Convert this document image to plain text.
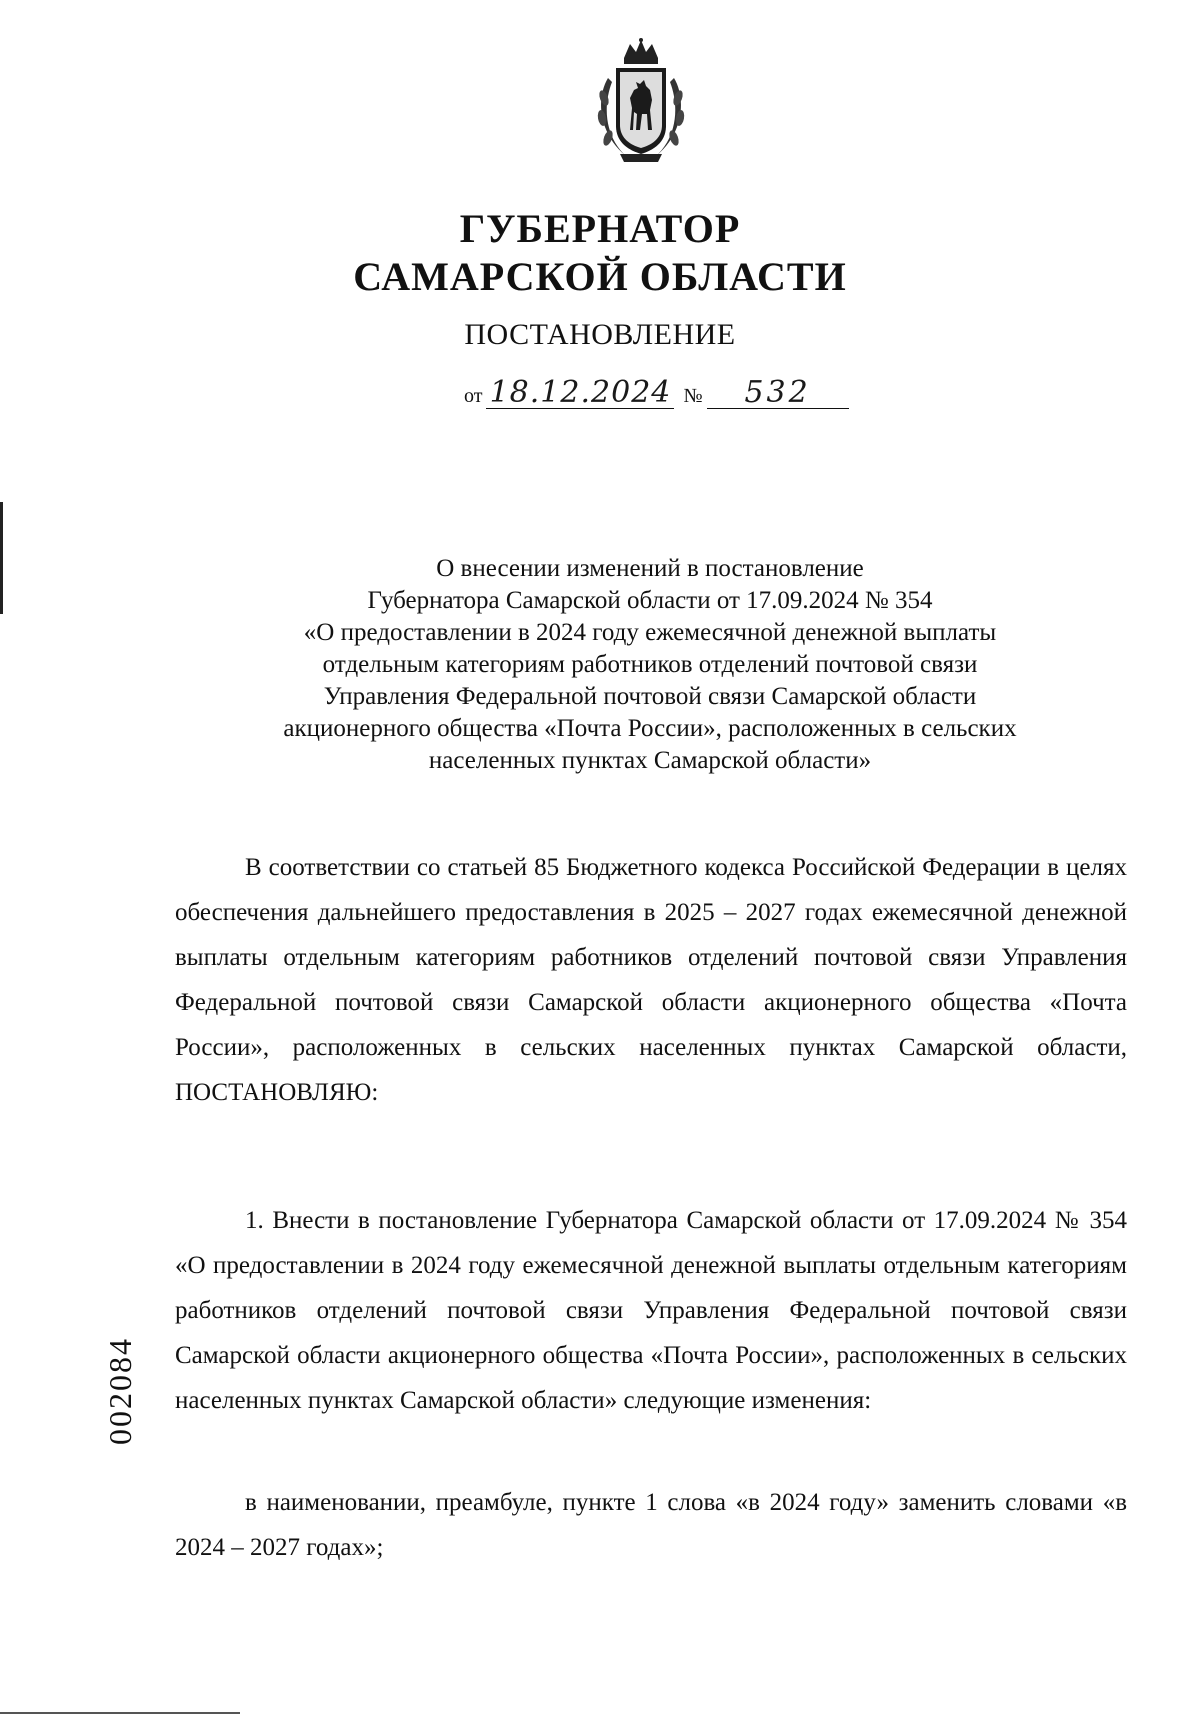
ГУБЕРНАТОР
САМАРСКОЙ ОБЛАСТИ
ПОСТАНОВЛЕНИЕ
от 18.12.2024 № 532
О внесении изменений в постановление
Губернатора Самарской области от 17.09.2024 № 354
«О предоставлении в 2024 году ежемесячной денежной выплаты
отдельным категориям работников отделений почтовой связи
Управления Федеральной почтовой связи Самарской области
акционерного общества «Почта России», расположенных в сельских
населенных пунктах Самарской области»

В соответствии со статьей 85 Бюджетного кодекса Российской Федерации в целях обеспечения дальнейшего предоставления в 2025 – 2027 годах ежемесячной денежной выплаты отдельным категориям работников отделений почтовой связи Управления Федеральной почтовой связи Самарской области акционерного общества «Почта России», расположенных в сельских населенных пунктах Самарской области, ПОСТАНОВЛЯЮ:

1. Внести в постановление Губернатора Самарской области от 17.09.2024 № 354 «О предоставлении в 2024 году ежемесячной денежной выплаты отдельным категориям работников отделений почтовой связи Управления Федеральной почтовой связи Самарской области акционерного общества «Почта России», расположенных в сельских населенных пунктах Самарской области» следующие изменения:

в наименовании, преамбуле, пункте 1 слова «в 2024 году» заменить словами «в 2024 – 2027 годах»;

002084
